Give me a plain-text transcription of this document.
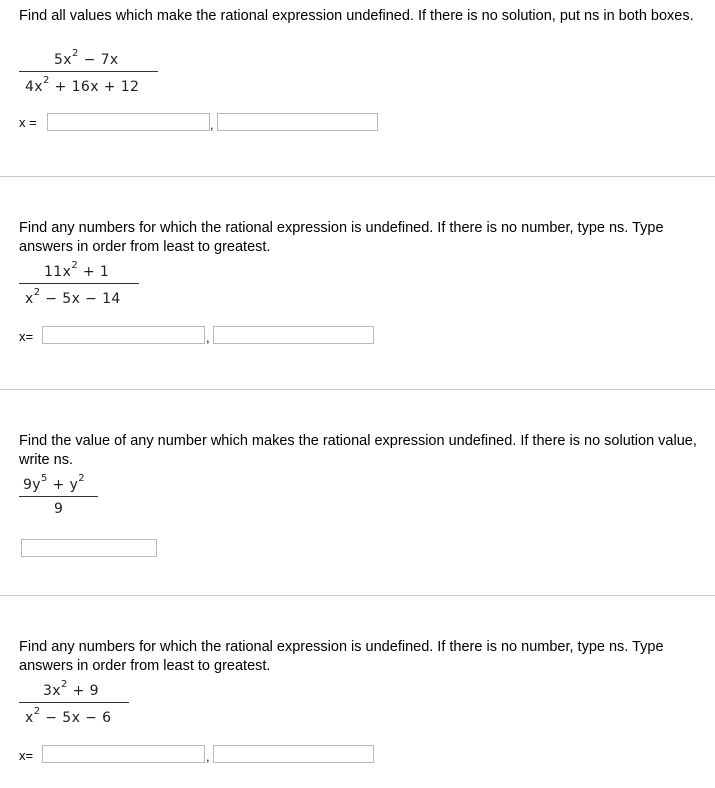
Find all values which make the rational expression undefined. If there is no solution, put ns in both boxes.
$5x^2 - 7x$
$4x^2 + 16x + 12$
x =	,
Find any numbers for which the rational expression is undefined. If there is no number, type ns. Type answers in order from least to greatest.
$11x^2 + 1$
$x^2 - 5x - 14$
x=	,
Find the value of any number which makes the rational expression undefined. If there is no solution value, write ns.
$9y^5 + y^2$
9
Find any numbers for which the rational expression is undefined. If there is no number, type ns. Type answers in order from least to greatest.
$3x^2 + 9$
$x^2 - 5x - 6$
x=	,
